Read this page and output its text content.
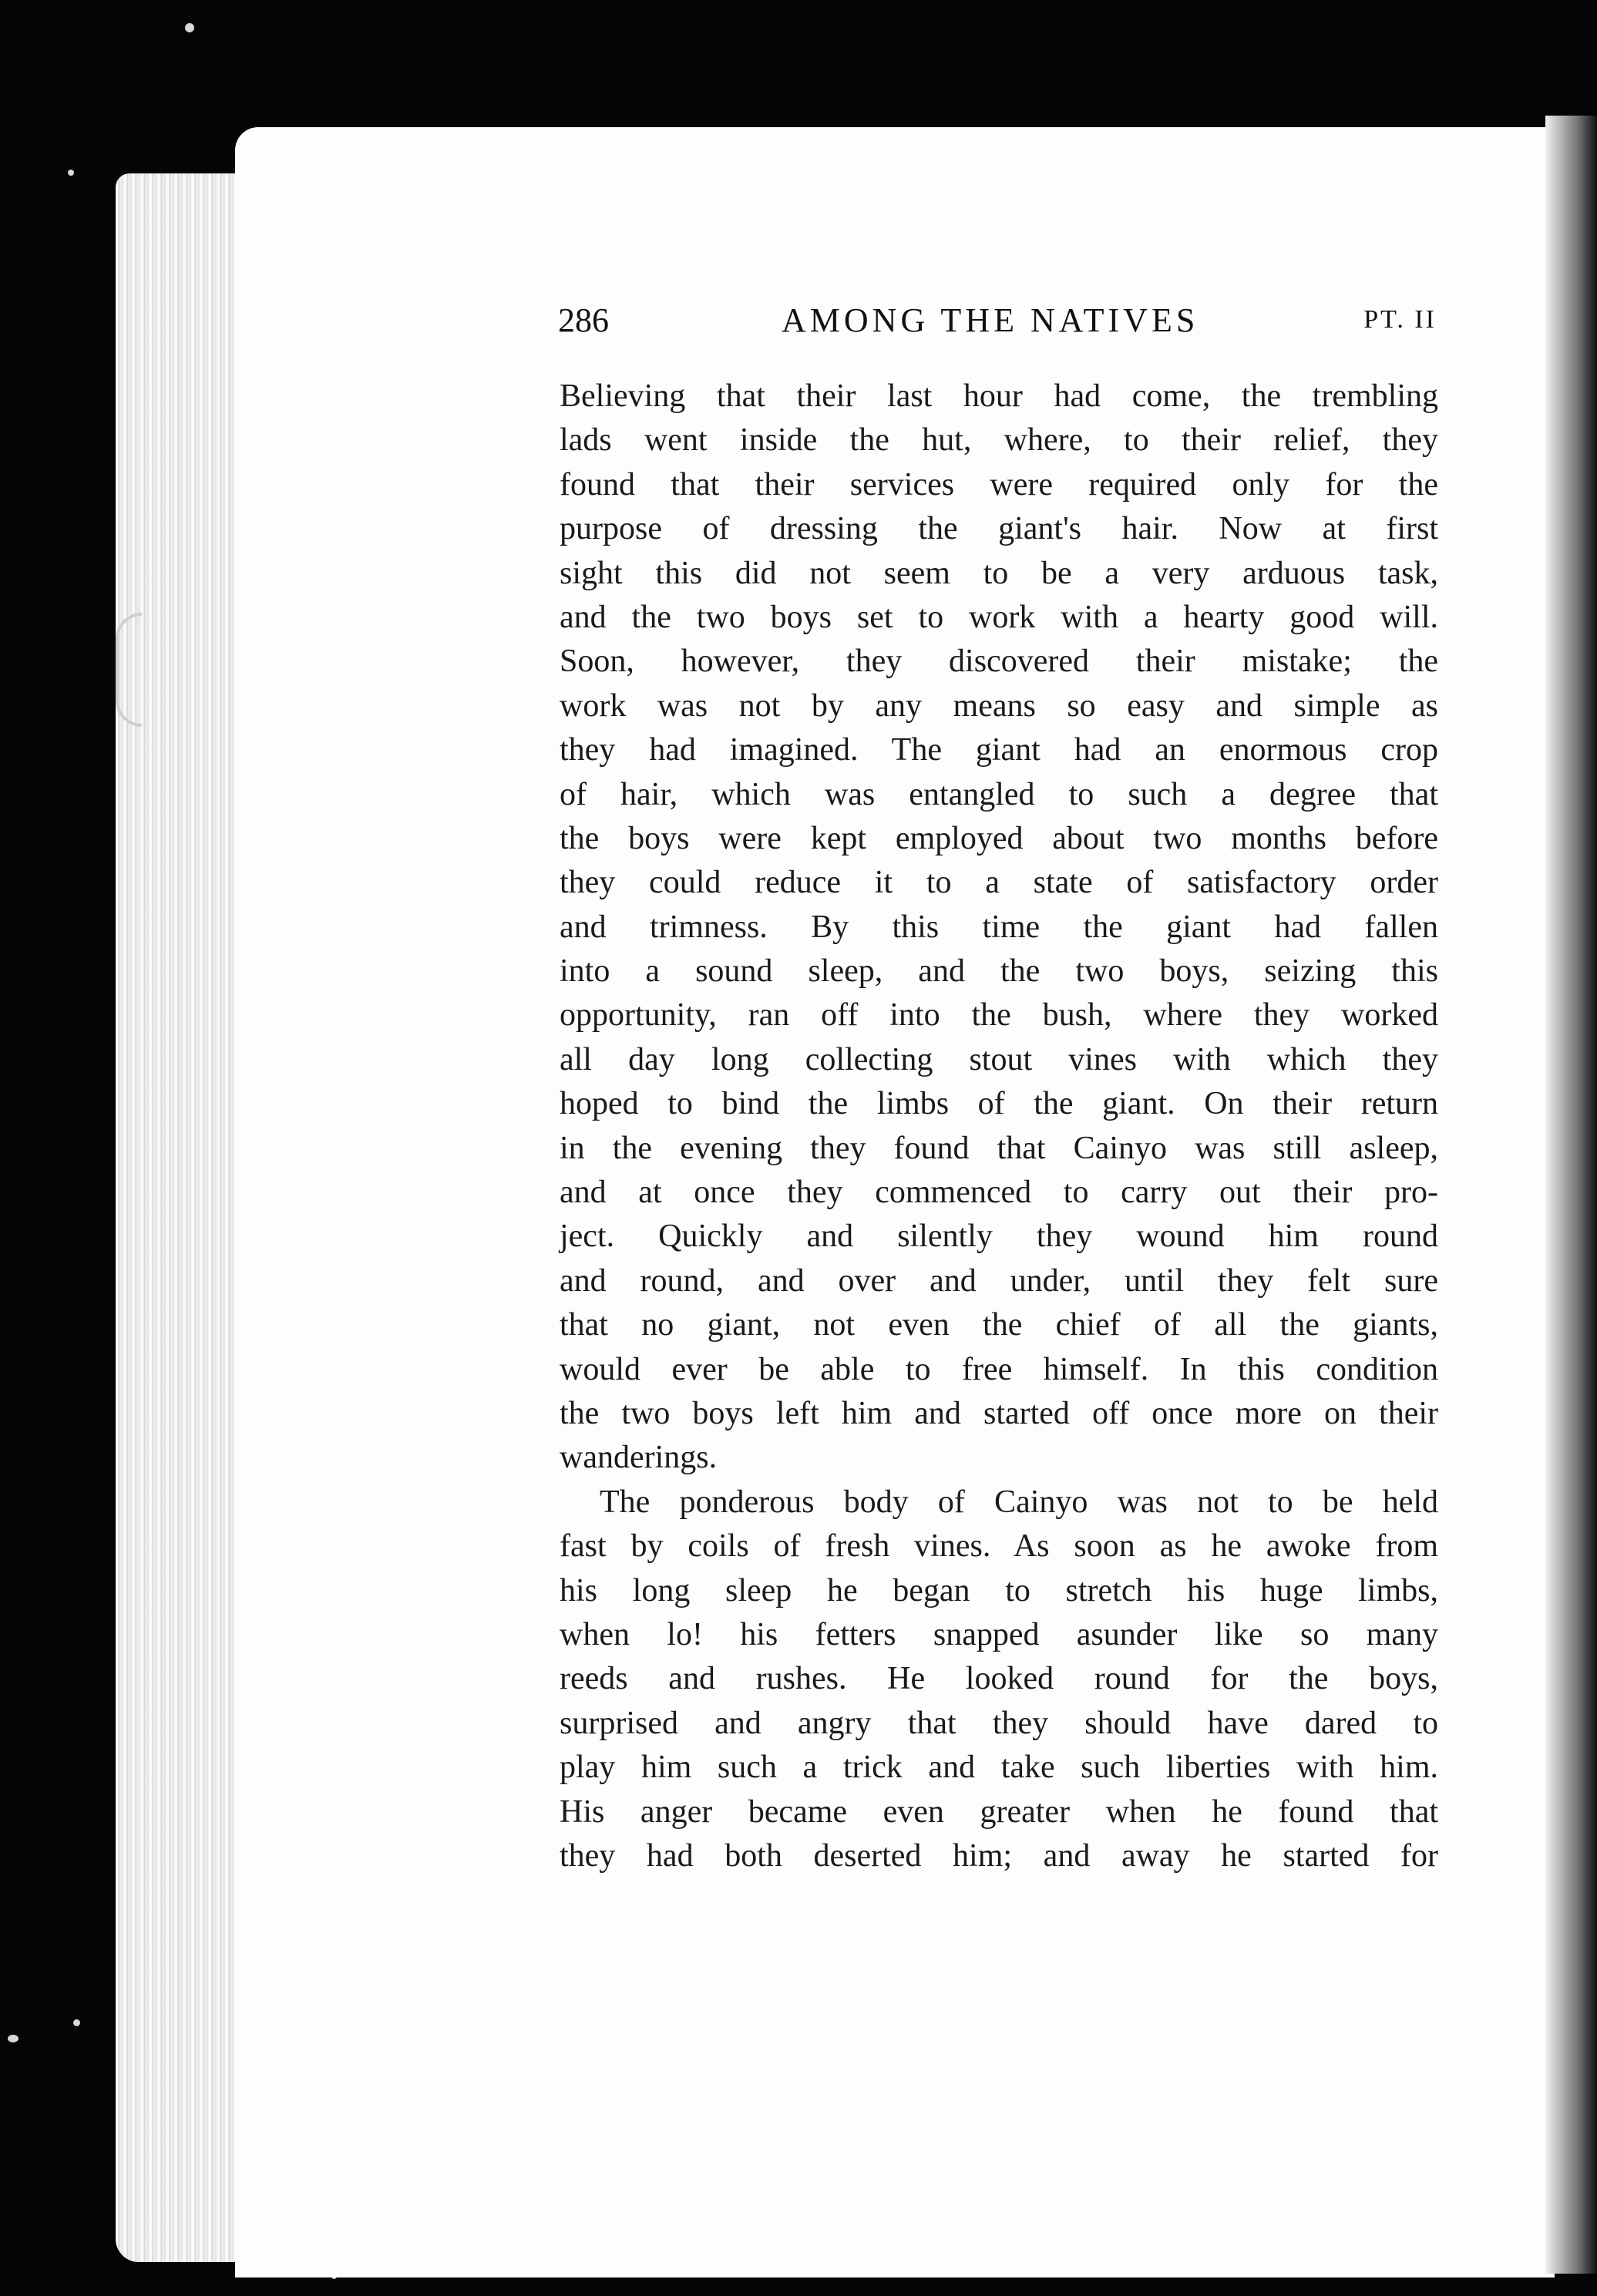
286	AMONG THE NATIVES	PT. II
Believing that their last hour had come, the trembling
lads went inside the hut, where, to their relief, they
found that their services were required only for the
purpose of dressing the giant's hair. Now at first
sight this did not seem to be a very arduous task,
and the two boys set to work with a hearty good will.
Soon, however, they discovered their mistake; the
work was not by any means so easy and simple as
they had imagined. The giant had an enormous crop
of hair, which was entangled to such a degree that
the boys were kept employed about two months before
they could reduce it to a state of satisfactory order
and trimness. By this time the giant had fallen
into a sound sleep, and the two boys, seizing this
opportunity, ran off into the bush, where they worked
all day long collecting stout vines with which they
hoped to bind the limbs of the giant. On their return
in the evening they found that Cainyo was still asleep,
and at once they commenced to carry out their pro-
ject. Quickly and silently they wound him round
and round, and over and under, until they felt sure
that no giant, not even the chief of all the giants,
would ever be able to free himself. In this condition
the two boys left him and started off once more on their
wanderings.
The ponderous body of Cainyo was not to be held
fast by coils of fresh vines. As soon as he awoke from
his long sleep he began to stretch his huge limbs,
when lo! his fetters snapped asunder like so many
reeds and rushes. He looked round for the boys,
surprised and angry that they should have dared to
play him such a trick and take such liberties with him.
His anger became even greater when he found that
they had both deserted him; and away he started for
